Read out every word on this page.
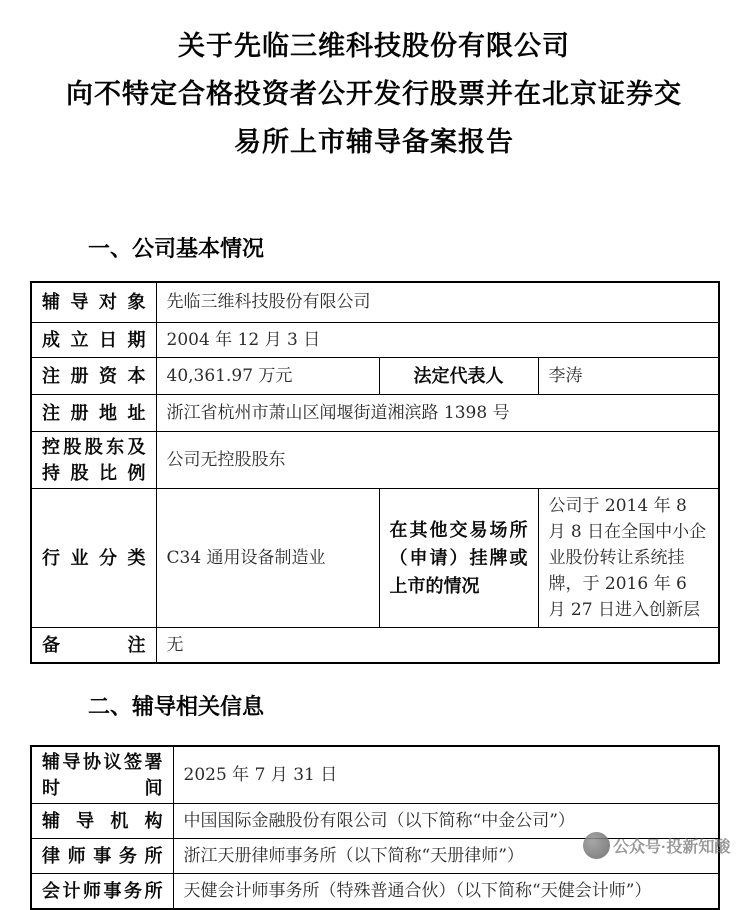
关于先临三维科技股份有限公司
向不特定合格投资者公开发行股票并在北京证券交
易所上市辅导备案报告
一、公司基本情况
辅导对象	先临三维科技股份有限公司		
成立日期	2004 年 12 月 3 日		
注册资本	40,361.97 万元	法定代表人	李涛
注册地址	浙江省杭州市萧山区闻堰街道湘滨路 1398 号		
控股股东及持股比例	公司无控股股东		
行业分类	C34 通用设备制造业	在其他交易场所（申请）挂牌或上市的情况	公司于 2014 年 8 月 8 日在全国中小企业股份转让系统挂牌，于 2016 年 6 月 27 日进入创新层
备注	无		
二、辅导相关信息
辅导协议签署时间	2025 年 7 月 31 日
辅导机构	中国国际金融股份有限公司（以下简称“中金公司”）
律师事务所	浙江天册律师事务所（以下简称“天册律师”）
会计师事务所	天健会计师事务所（特殊普通合伙）（以下简称“天健会计师”）
公众号·投新知酸
